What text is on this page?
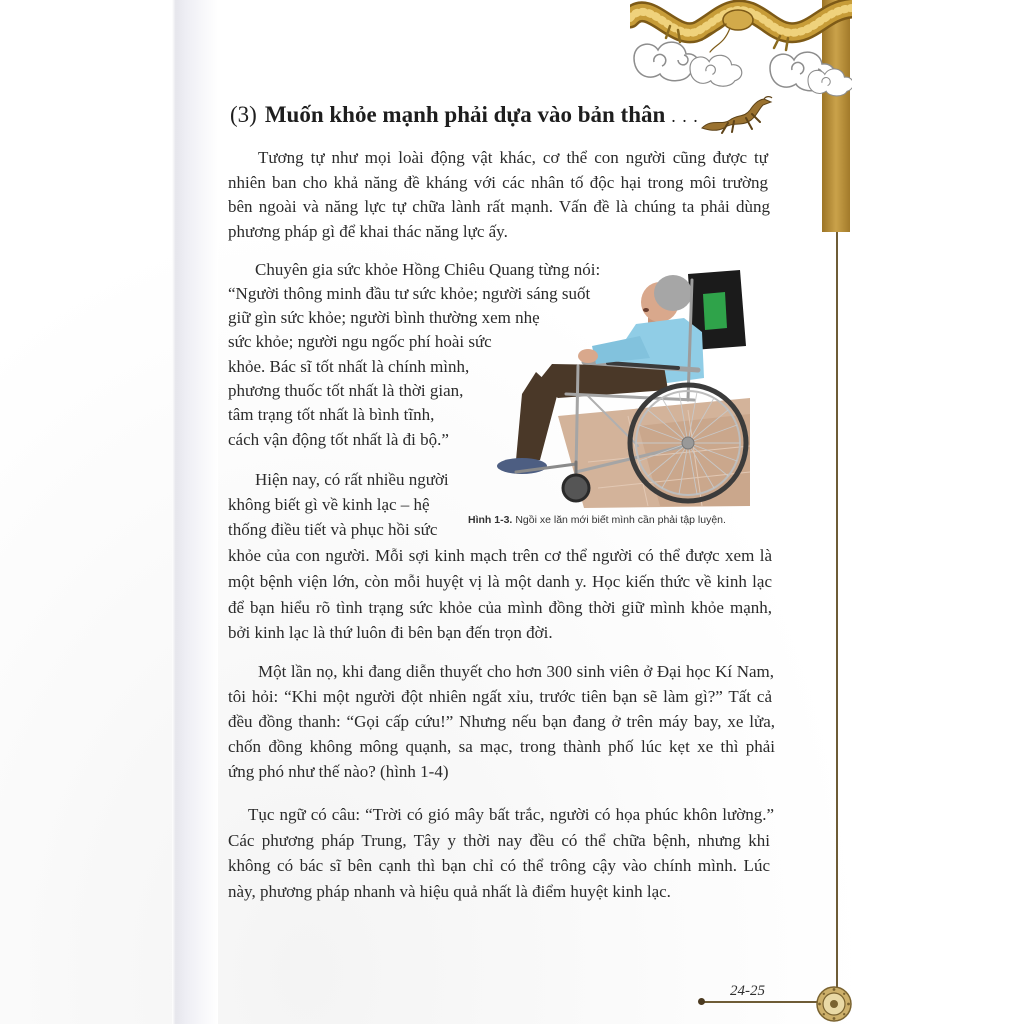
(3) Muốn khỏe mạnh phải dựa vào bản thân . . .
Tương tự như mọi loài động vật khác, cơ thể con người cũng được tự
nhiên ban cho khả năng đề kháng với các nhân tố độc hại trong môi trường
bên ngoài và năng lực tự chữa lành rất mạnh. Vấn đề là chúng ta phải dùng
phương pháp gì để khai thác năng lực ấy.
Chuyên gia sức khỏe Hồng Chiêu Quang từng nói:
“Người thông minh đầu tư sức khỏe; người sáng suốt
giữ gìn sức khỏe; người bình thường xem nhẹ
sức khỏe; người ngu ngốc phí hoài sức
khỏe. Bác sĩ tốt nhất là chính mình,
phương thuốc tốt nhất là thời gian,
tâm trạng tốt nhất là bình tĩnh,
cách vận động tốt nhất là đi bộ.”
Hình 1-3. Ngồi xe lăn mới biết mình cần phải tập luyện.
Hiện nay, có rất nhiều người
không biết gì về kinh lạc – hệ
thống điều tiết và phục hồi sức
khỏe của con người. Mỗi sợi kinh mạch trên cơ thể người có thể được xem là
một bệnh viện lớn, còn mỗi huyệt vị là một danh y. Học kiến thức về kinh lạc
để bạn hiểu rõ tình trạng sức khỏe của mình đồng thời giữ mình khỏe mạnh,
bởi kinh lạc là thứ luôn đi bên bạn đến trọn đời.
Một lần nọ, khi đang diễn thuyết cho hơn 300 sinh viên ở Đại học Kí Nam,
tôi hỏi: “Khi một người đột nhiên ngất xỉu, trước tiên bạn sẽ làm gì?” Tất cả
đều đồng thanh: “Gọi cấp cứu!” Nhưng nếu bạn đang ở trên máy bay, xe lửa,
chốn đồng không mông quạnh, sa mạc, trong thành phố lúc kẹt xe thì phải
ứng phó như thế nào? (hình 1-4)
Tục ngữ có câu: “Trời có gió mây bất trắc, người có họa phúc khôn lường.”
Các phương pháp Trung, Tây y thời nay đều có thể chữa bệnh, nhưng khi
không có bác sĩ bên cạnh thì bạn chỉ có thể trông cậy vào chính mình. Lúc
này, phương pháp nhanh và hiệu quả nhất là điểm huyệt kinh lạc.
24-25
